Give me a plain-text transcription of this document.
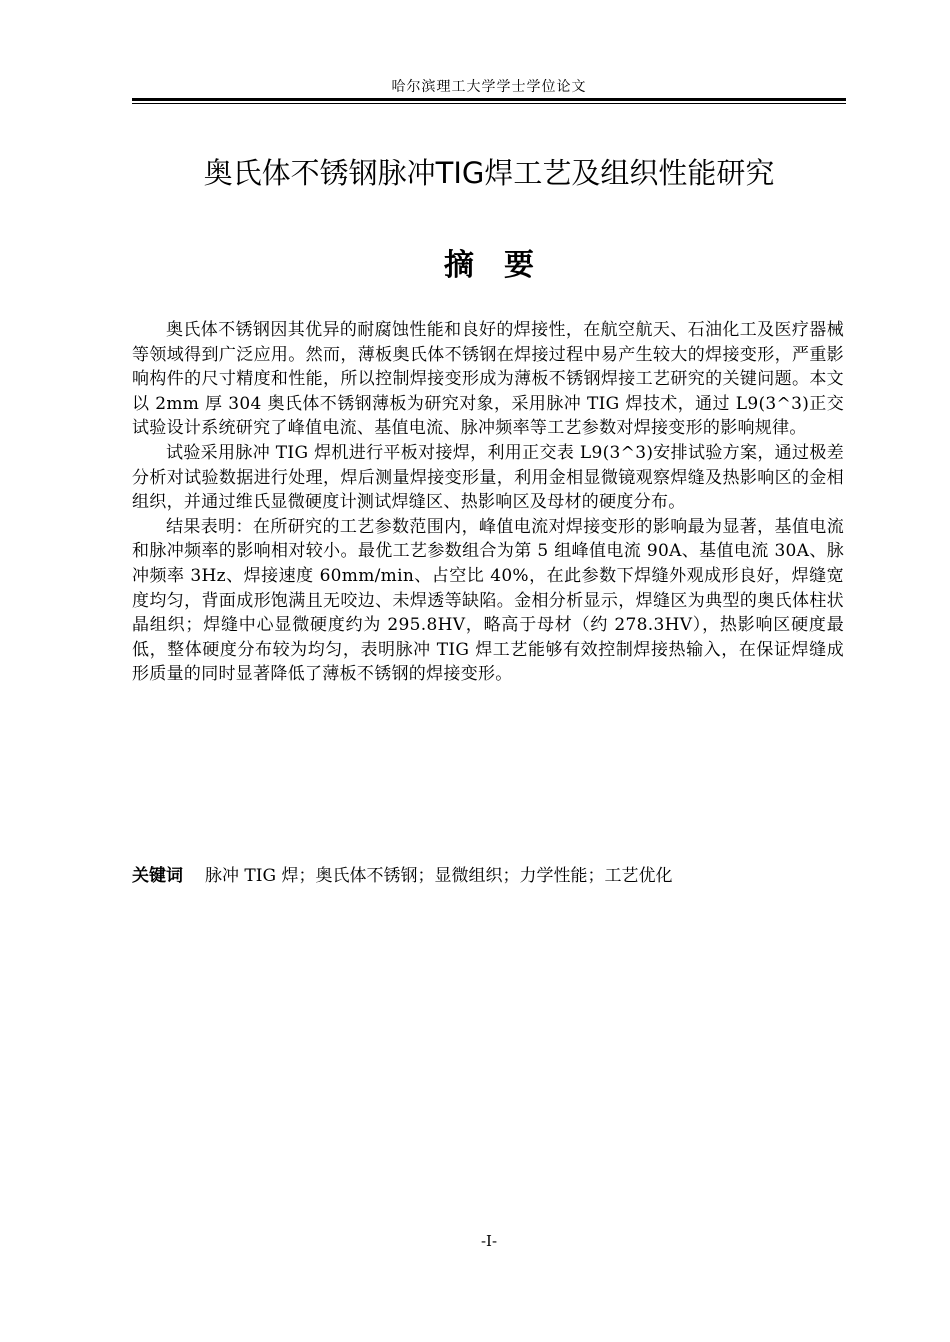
哈尔滨理工大学学士学位论文
奥氏体不锈钢脉冲TIG焊工艺及组织性能研究
摘要

奥氏体不锈钢因其优异的耐腐蚀性能和良好的焊接性，在航空航天、石油化工及医疗器械等领域得到广泛应用。然而，薄板奥氏体不锈钢在焊接过程中易产生较大的焊接变形，严重影响构件的尺寸精度和性能，所以控制焊接变形成为薄板不锈钢焊接工艺研究的关键问题。本文以 2mm 厚 304 奥氏体不锈钢薄板为研究对象，采用脉冲 TIG 焊技术，通过 L9(3^3)正交试验设计系统研究了峰值电流、基值电流、脉冲频率等工艺参数对焊接变形的影响规律。

试验采用脉冲 TIG 焊机进行平板对接焊，利用正交表 L9(3^3)安排试验方案，通过极差分析对试验数据进行处理，焊后测量焊接变形量，利用金相显微镜观察焊缝及热影响区的金相组织，并通过维氏显微硬度计测试焊缝区、热影响区及母材的硬度分布。

结果表明：在所研究的工艺参数范围内，峰值电流对焊接变形的影响最为显著，基值电流和脉冲频率的影响相对较小。最优工艺参数组合为第 5 组峰值电流 90A、基值电流 30A、脉冲频率 3Hz、焊接速度 60mm/min、占空比 40%，在此参数下焊缝外观成形良好，焊缝宽度均匀，背面成形饱满且无咬边、未焊透等缺陷。金相分析显示，焊缝区为典型的奥氏体柱状晶组织；焊缝中心显微硬度约为 295.8HV，略高于母材（约 278.3HV），热影响区硬度最低，整体硬度分布较为均匀，表明脉冲 TIG 焊工艺能够有效控制焊接热输入，在保证焊缝成形质量的同时显著降低了薄板不锈钢的焊接变形。

关键词 脉冲 TIG 焊；奥氏体不锈钢；显微组织；力学性能；工艺优化
-I-
